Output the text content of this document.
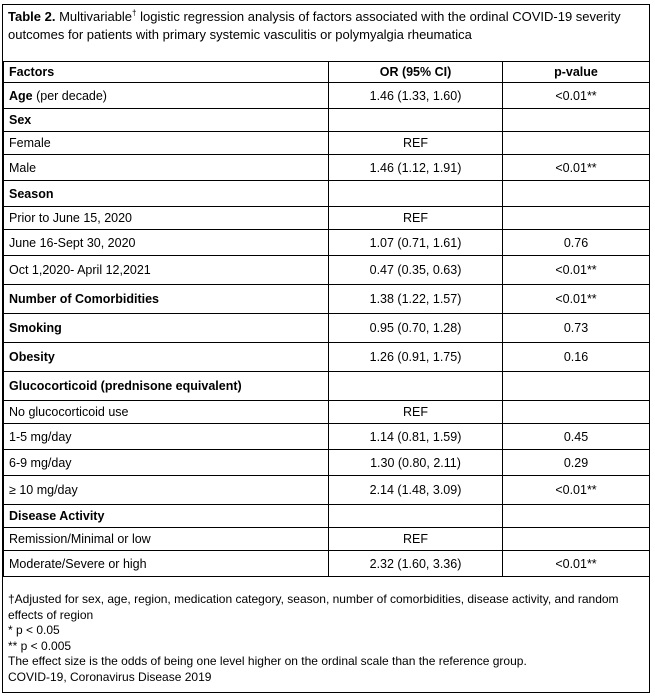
Table 2. Multivariable† logistic regression analysis of factors associated with the ordinal COVID-19 severity outcomes for patients with primary systemic vasculitis or polymyalgia rheumatica
Factors	OR (95% CI)	p-value
Age (per decade)	1.46 (1.33, 1.60)	<0.01**
Sex		
Female	REF	
Male	1.46 (1.12, 1.91)	<0.01**
Season		
Prior to June 15, 2020	REF	
June 16-Sept 30, 2020	1.07 (0.71, 1.61)	0.76
Oct 1,2020- April 12,2021	0.47 (0.35, 0.63)	<0.01**
Number of Comorbidities	1.38 (1.22, 1.57)	<0.01**
Smoking	0.95 (0.70, 1.28)	0.73
Obesity	1.26 (0.91, 1.75)	0.16
Glucocorticoid (prednisone equivalent)		
No glucocorticoid use	REF	
1-5 mg/day	1.14 (0.81, 1.59)	0.45
6-9 mg/day	1.30 (0.80, 2.11)	0.29
≥ 10 mg/day	2.14 (1.48, 3.09)	<0.01**
Disease Activity		
Remission/Minimal or low	REF	
Moderate/Severe or high	2.32 (1.60, 3.36)	<0.01**
†Adjusted for sex, age, region, medication category, season, number of comorbidities, disease activity, and random effects of region
* p < 0.05
** p < 0.005
The effect size is the odds of being one level higher on the ordinal scale than the reference group.
COVID-19, Coronavirus Disease 2019
